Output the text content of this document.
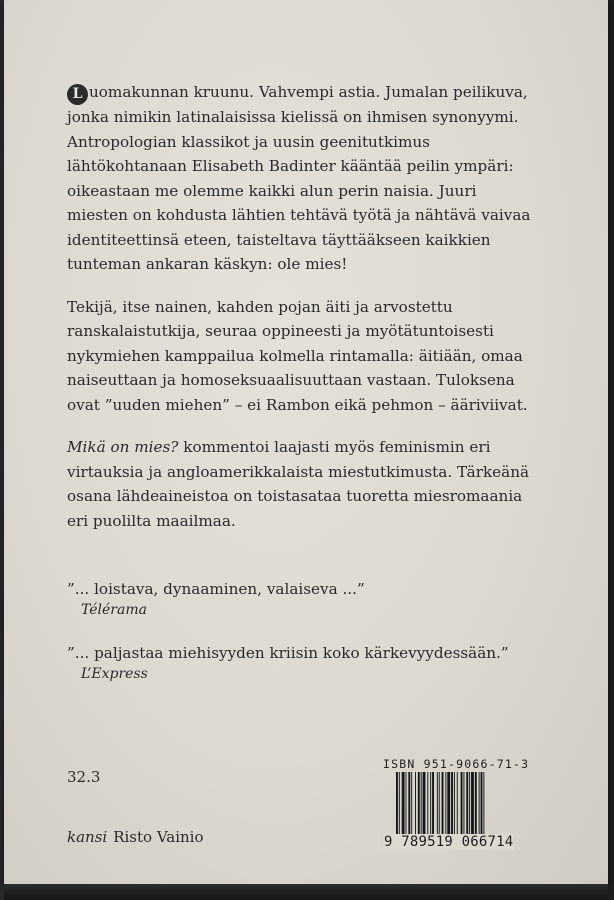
L uomakunnan kruunu. Vahvempi astia. Jumalan peilikuva,
jonka nimikin latinalaisissa kielissä on ihmisen synonyymi.
Antropologian klassikot ja uusin geenitutkimus
lähtökohtanaan Elisabeth Badinter kääntää peilin ympäri:
oikeastaan me olemme kaikki alun perin naisia. Juuri
miesten on kohdusta lähtien tehtävä työtä ja nähtävä vaivaa
identiteettinsä eteen, taisteltava täyttääkseen kaikkien
tunteman ankaran käskyn: ole mies!

Tekijä, itse nainen, kahden pojan äiti ja arvostettu
ranskalaistutkija, seuraa oppineesti ja myötätuntoisesti
nykymiehen kamppailua kolmella rintamalla: äitiään, omaa
naiseuttaan ja homoseksuaalisuuttaan vastaan. Tuloksena
ovat ”uuden miehen” – ei Rambon eikä pehmon – ääriviivat.

Mikä on mies? kommentoi laajasti myös feminismin eri
virtauksia ja angloamerikkalaista miestutkimusta. Tärkeänä
osana lähdeaineistoa on toistasataa tuoretta miesromaania
eri puolilta maailmaa.

”... loistava, dynaaminen, valaiseva ...”
Télérama
”... paljastaa miehisyyden kriisin koko kärkevyydessään.”
L’Express
32.3
kansi Risto Vainio
ISBN 951-9066-71-3
9 789519 066714
